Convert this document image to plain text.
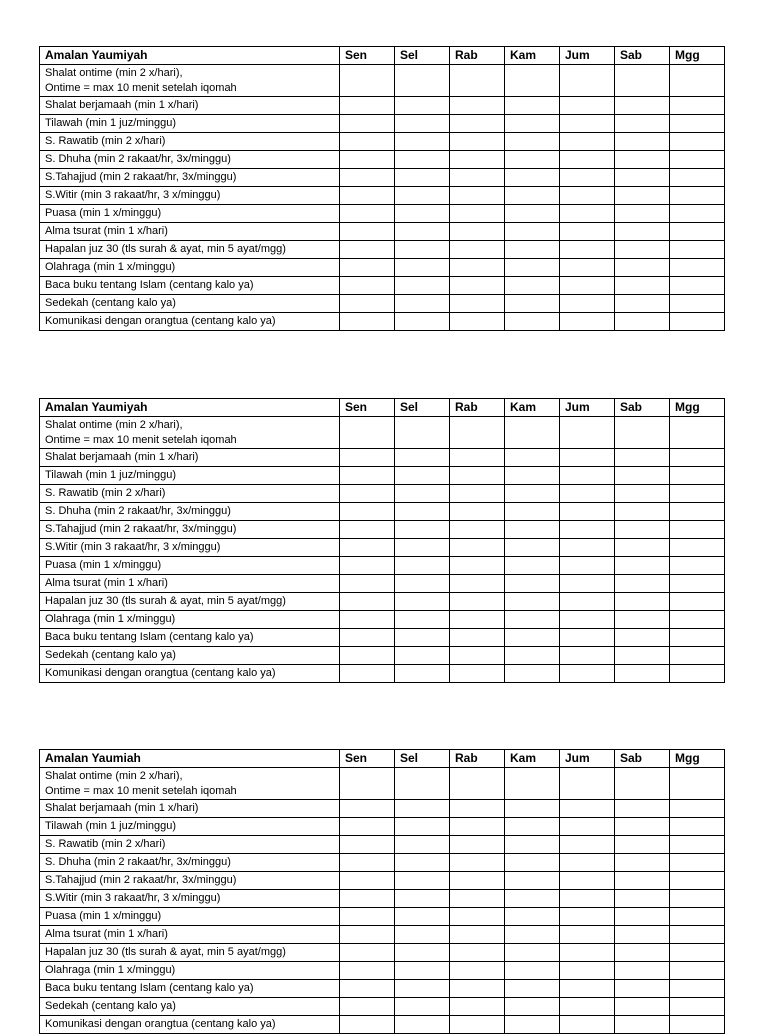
Amalan Yaumiyah	Sen	Sel	Rab	Kam	Jum	Sab	Mgg

Shalat ontime (min 2 x/hari),
Ontime = max 10 menit setelah iqomah							

Shalat berjamaah (min 1 x/hari)							

Tilawah (min 1 juz/minggu)							

S. Rawatib (min 2 x/hari)							

S. Dhuha (min 2 rakaat/hr, 3x/minggu)							

S.Tahajjud (min 2 rakaat/hr, 3x/minggu)							

S.Witir (min 3 rakaat/hr, 3 x/minggu)							

Puasa (min 1 x/minggu)							

Alma tsurat (min 1 x/hari)							

Hapalan juz 30 (tls surah & ayat, min 5 ayat/mgg)							

Olahraga (min 1 x/minggu)							

Baca buku tentang Islam (centang kalo ya)							

Sedekah (centang kalo ya)							

Komunikasi dengan orangtua (centang kalo ya)							

Amalan Yaumiyah	Sen	Sel	Rab	Kam	Jum	Sab	Mgg

Shalat ontime (min 2 x/hari),
Ontime = max 10 menit setelah iqomah							

Shalat berjamaah (min 1 x/hari)							

Tilawah (min 1 juz/minggu)							

S. Rawatib (min 2 x/hari)							

S. Dhuha (min 2 rakaat/hr, 3x/minggu)							

S.Tahajjud (min 2 rakaat/hr, 3x/minggu)							

S.Witir (min 3 rakaat/hr, 3 x/minggu)							

Puasa (min 1 x/minggu)							

Alma tsurat (min 1 x/hari)							

Hapalan juz 30 (tls surah & ayat, min 5 ayat/mgg)							

Olahraga (min 1 x/minggu)							

Baca buku tentang Islam (centang kalo ya)							

Sedekah (centang kalo ya)							

Komunikasi dengan orangtua (centang kalo ya)							

Amalan Yaumiah	Sen	Sel	Rab	Kam	Jum	Sab	Mgg

Shalat ontime (min 2 x/hari),
Ontime = max 10 menit setelah iqomah							

Shalat berjamaah (min 1 x/hari)							

Tilawah (min 1 juz/minggu)							

S. Rawatib (min 2 x/hari)							

S. Dhuha (min 2 rakaat/hr, 3x/minggu)							

S.Tahajjud (min 2 rakaat/hr, 3x/minggu)							

S.Witir (min 3 rakaat/hr, 3 x/minggu)							

Puasa (min 1 x/minggu)							

Alma tsurat (min 1 x/hari)							

Hapalan juz 30 (tls surah & ayat, min 5 ayat/mgg)							

Olahraga (min 1 x/minggu)							

Baca buku tentang Islam (centang kalo ya)							

Sedekah (centang kalo ya)							

Komunikasi dengan orangtua (centang kalo ya)							
